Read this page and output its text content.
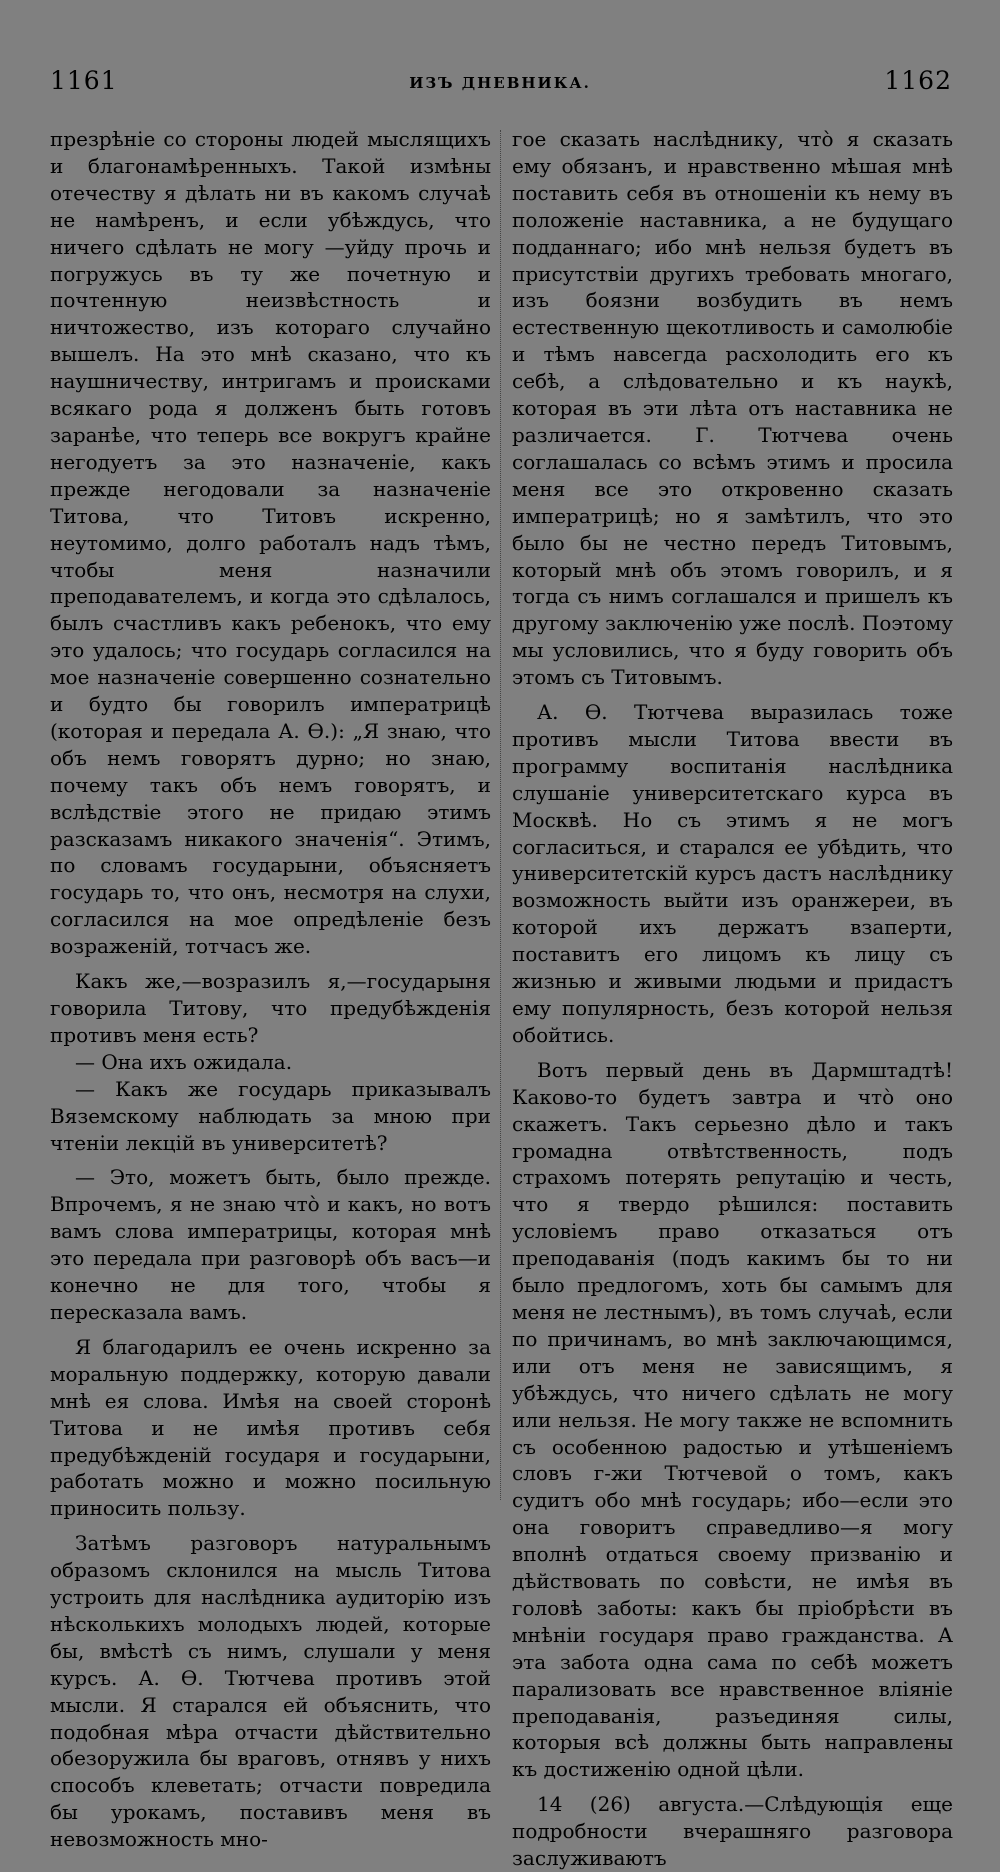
1161	ИЗЪ ДНЕВНИКА.	1162

презрѣніе со стороны людей мыслящихъ и благонамѣренныхъ. Такой измѣны отечеству я дѣлать ни въ какомъ случаѣ не намѣренъ, и если убѣждусь, что ничего сдѣлать не могу —уйду прочь и погружусь въ ту же почетную и почтенную неизвѣстность и ничтожество, изъ котораго случайно вышелъ. На это мнѣ сказано, что къ наушничеству, интригамъ и происками всякаго рода я долженъ быть готовъ заранѣе, что теперь все вокругъ крайне негодуетъ за это назначеніе, какъ прежде негодовали за назначеніе Титова, что Титовъ искренно, неутомимо, долго работалъ надъ тѣмъ, чтобы меня назначили преподавателемъ, и когда это сдѣлалось, былъ счастливъ какъ ребенокъ, что ему это удалось; что государь согласился на мое назначеніе совершенно сознательно и будто бы говорилъ императрицѣ (которая и передала А. Ѳ.): „Я знаю, что объ немъ говорятъ дурно; но знаю, почему такъ объ немъ говорятъ, и вслѣдствіе этого не придаю этимъ разсказамъ никакого значенія“. Этимъ, по словамъ государыни, объясняетъ государь то, что онъ, несмотря на слухи, согласился на мое опредѣленіе безъ возраженій, тотчасъ же.

Какъ же,—возразилъ я,—государыня говорила Титову, что предубѣжденія противъ меня есть?

— Она ихъ ожидала.

— Какъ же государь приказывалъ Вяземскому наблюдать за мною при чтеніи лекцій въ университетѣ?

— Это, можетъ быть, было прежде. Впрочемъ, я не знаю что̀ и какъ, но вотъ вамъ слова императрицы, которая мнѣ это передала при разговорѣ объ васъ—и конечно не для того, чтобы я пересказала вамъ.

Я благодарилъ ее очень искренно за моральную поддержку, которую давали мнѣ ея слова. Имѣя на своей сторонѣ Титова и не имѣя противъ себя предубѣжденій государя и государыни, работать можно и можно посильную приносить пользу.

Затѣмъ разговоръ натуральнымъ образомъ склонился на мысль Титова устроить для наслѣдника аудиторію изъ нѣсколькихъ молодыхъ людей, которые бы, вмѣстѣ съ нимъ, слушали у меня курсъ. А. Ѳ. Тютчева противъ этой мысли. Я старался ей объяснить, что подобная мѣра отчасти дѣйствительно обезоружила бы враговъ, отнявъ у нихъ способъ клеветать; отчасти повредила бы урокамъ, поставивъ меня въ невозможность мно-

гое сказать наслѣднику, что̀ я сказать ему обязанъ, и нравственно мѣшая мнѣ поставить себя въ отношеніи къ нему въ положеніе наставника, а не будущаго подданнаго; ибо мнѣ нельзя будетъ въ присутствіи другихъ требовать многаго, изъ боязни возбудить въ немъ естественную щекотливость и самолюбіе и тѣмъ навсегда расхолодить его къ себѣ, а слѣдовательно и къ наукѣ, которая въ эти лѣта отъ наставника не различается. Г. Тютчева очень соглашалась со всѣмъ этимъ и просила меня все это откровенно сказать императрицѣ; но я замѣтилъ, что это было бы не честно передъ Титовымъ, который мнѣ объ этомъ говорилъ, и я тогда съ нимъ соглашался и пришелъ къ другому заключенію уже послѣ. Поэтому мы условились, что я буду говорить объ этомъ съ Титовымъ.

А. Ѳ. Тютчева выразилась тоже противъ мысли Титова ввести въ программу воспитанія наслѣдника слушаніе университетскаго курса въ Москвѣ. Но съ этимъ я не могъ согласиться, и старался ее убѣдить, что университетскій курсъ дастъ наслѣднику возможность выйти изъ оранжереи, въ которой ихъ держатъ взаперти, поставитъ его лицомъ къ лицу съ жизнью и живыми людьми и придастъ ему популярность, безъ которой нельзя обойтись.

Вотъ первый день въ Дармштадтѣ! Каково-то будетъ завтра и что̀ оно скажетъ. Такъ серьезно дѣло и такъ громадна отвѣтственность, подъ страхомъ потерять репутацію и честь, что я твердо рѣшился: поставить условіемъ право отказаться отъ преподаванія (подъ какимъ бы то ни было предлогомъ, хоть бы самымъ для меня не лестнымъ), въ томъ случаѣ, если по причинамъ, во мнѣ заключающимся, или отъ меня не зависящимъ, я убѣждусь, что ничего сдѣлать не могу или нельзя. Не могу также не вспомнить съ особенною радостью и утѣшеніемъ словъ г-жи Тютчевой о томъ, какъ судитъ обо мнѣ государь; ибо—если это она говоритъ справедливо—я могу вполнѣ отдаться своему призванію и дѣйствовать по совѣсти, не имѣя въ головѣ заботы: какъ бы пріобрѣсти въ мнѣніи государя право гражданства. А эта забота одна сама по себѣ можетъ парализовать все нравственное вліяніе преподаванія, разъединяя силы, которыя всѣ должны быть направлены къ достиженію одной цѣли.

14 (26) августа.—Слѣдующія еще подробности вчерашняго разговора заслуживаютъ
